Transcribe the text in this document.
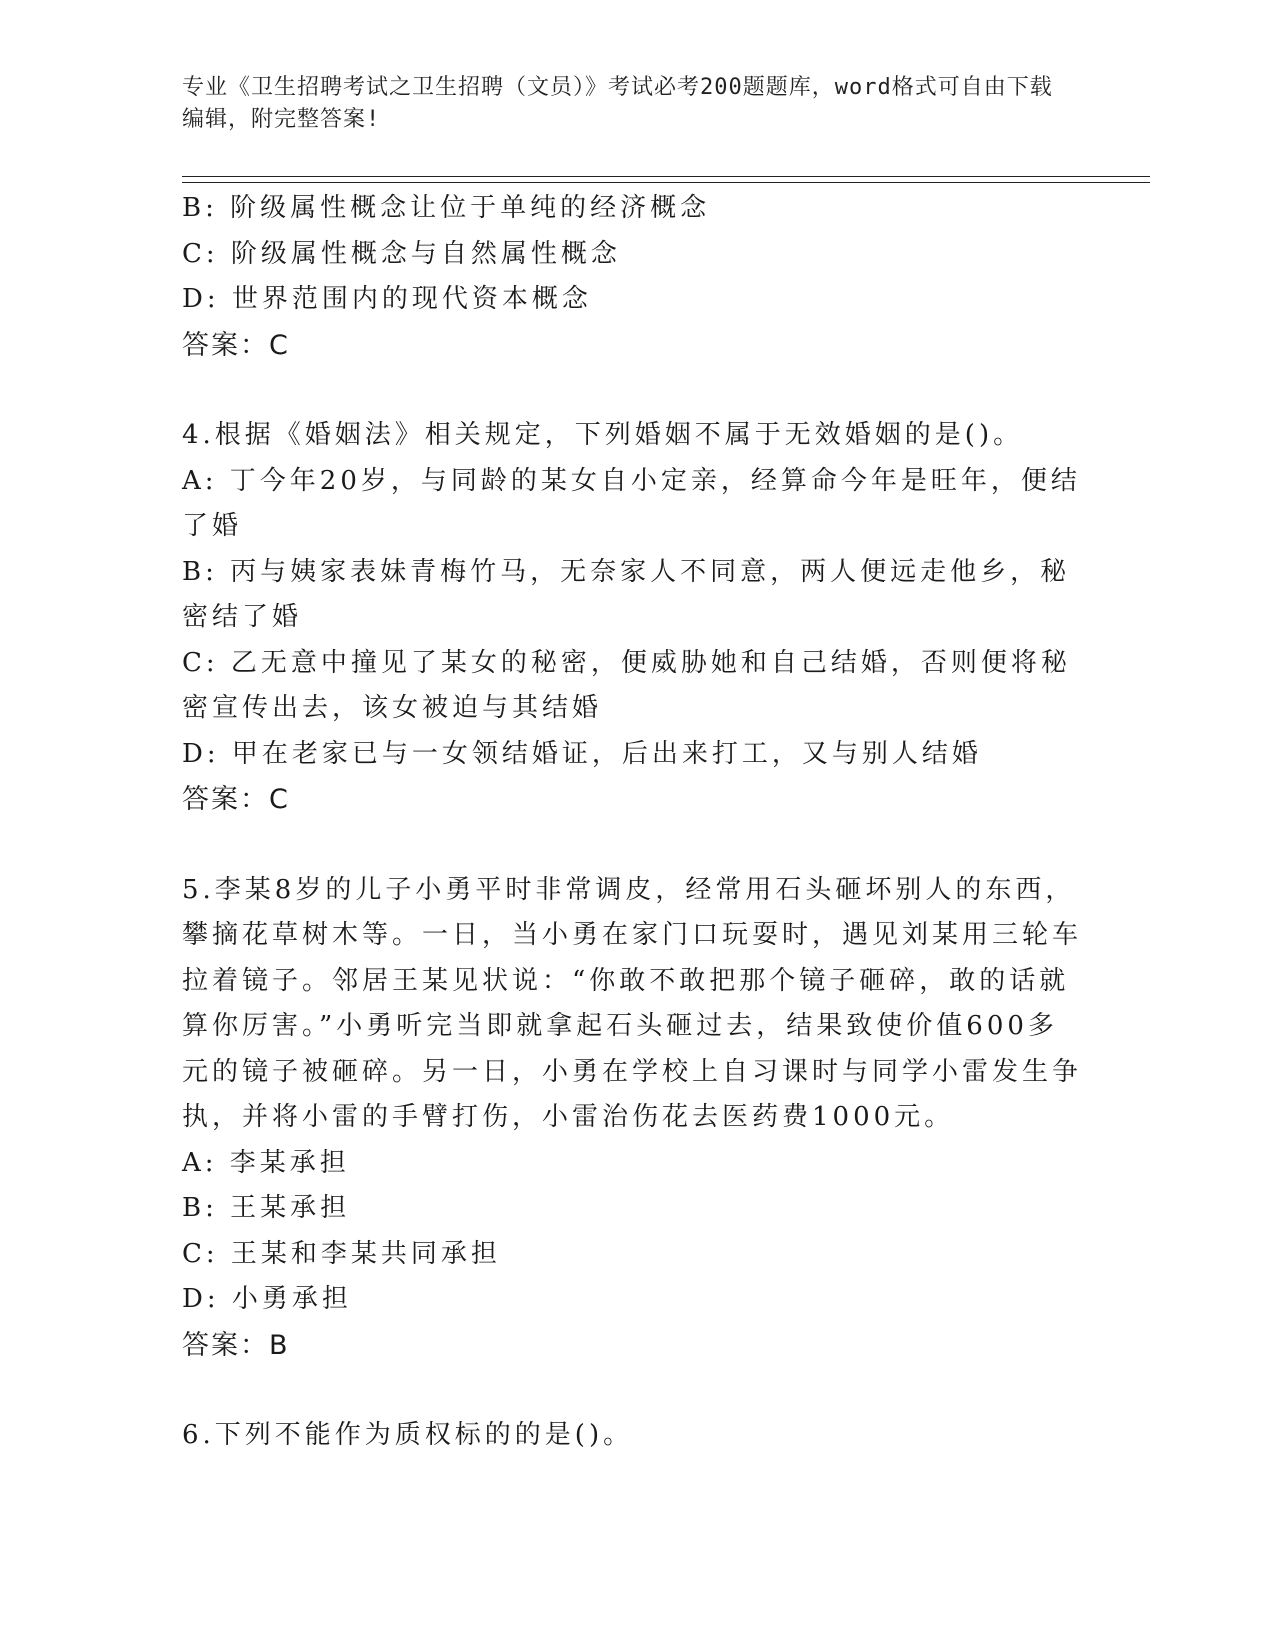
专业《卫生招聘考试之卫生招聘（文员）》考试必考200题题库，word格式可自由下载编辑，附完整答案!

B: 阶级属性概念让位于单纯的经济概念

C: 阶级属性概念与自然属性概念

D: 世界范围内的现代资本概念

答案：C

4.根据《婚姻法》相关规定，下列婚姻不属于无效婚姻的是()。

A: 丁今年20岁，与同龄的某女自小定亲，经算命今年是旺年，便结了婚

B: 丙与姨家表妹青梅竹马，无奈家人不同意，两人便远走他乡，秘密结了婚

C: 乙无意中撞见了某女的秘密，便威胁她和自己结婚，否则便将秘密宣传出去，该女被迫与其结婚

D: 甲在老家已与一女领结婚证，后出来打工，又与别人结婚

答案：C

5.李某8岁的儿子小勇平时非常调皮，经常用石头砸坏别人的东西，攀摘花草树木等。一日，当小勇在家门口玩耍时，遇见刘某用三轮车拉着镜子。邻居王某见状说：“你敢不敢把那个镜子砸碎，敢的话就算你厉害。”小勇听完当即就拿起石头砸过去，结果致使价值600多元的镜子被砸碎。另一日，小勇在学校上自习课时与同学小雷发生争执，并将小雷的手臂打伤，小雷治伤花去医药费1000元。

A: 李某承担

B: 王某承担

C: 王某和李某共同承担

D: 小勇承担

答案：B

6.下列不能作为质权标的的是()。
